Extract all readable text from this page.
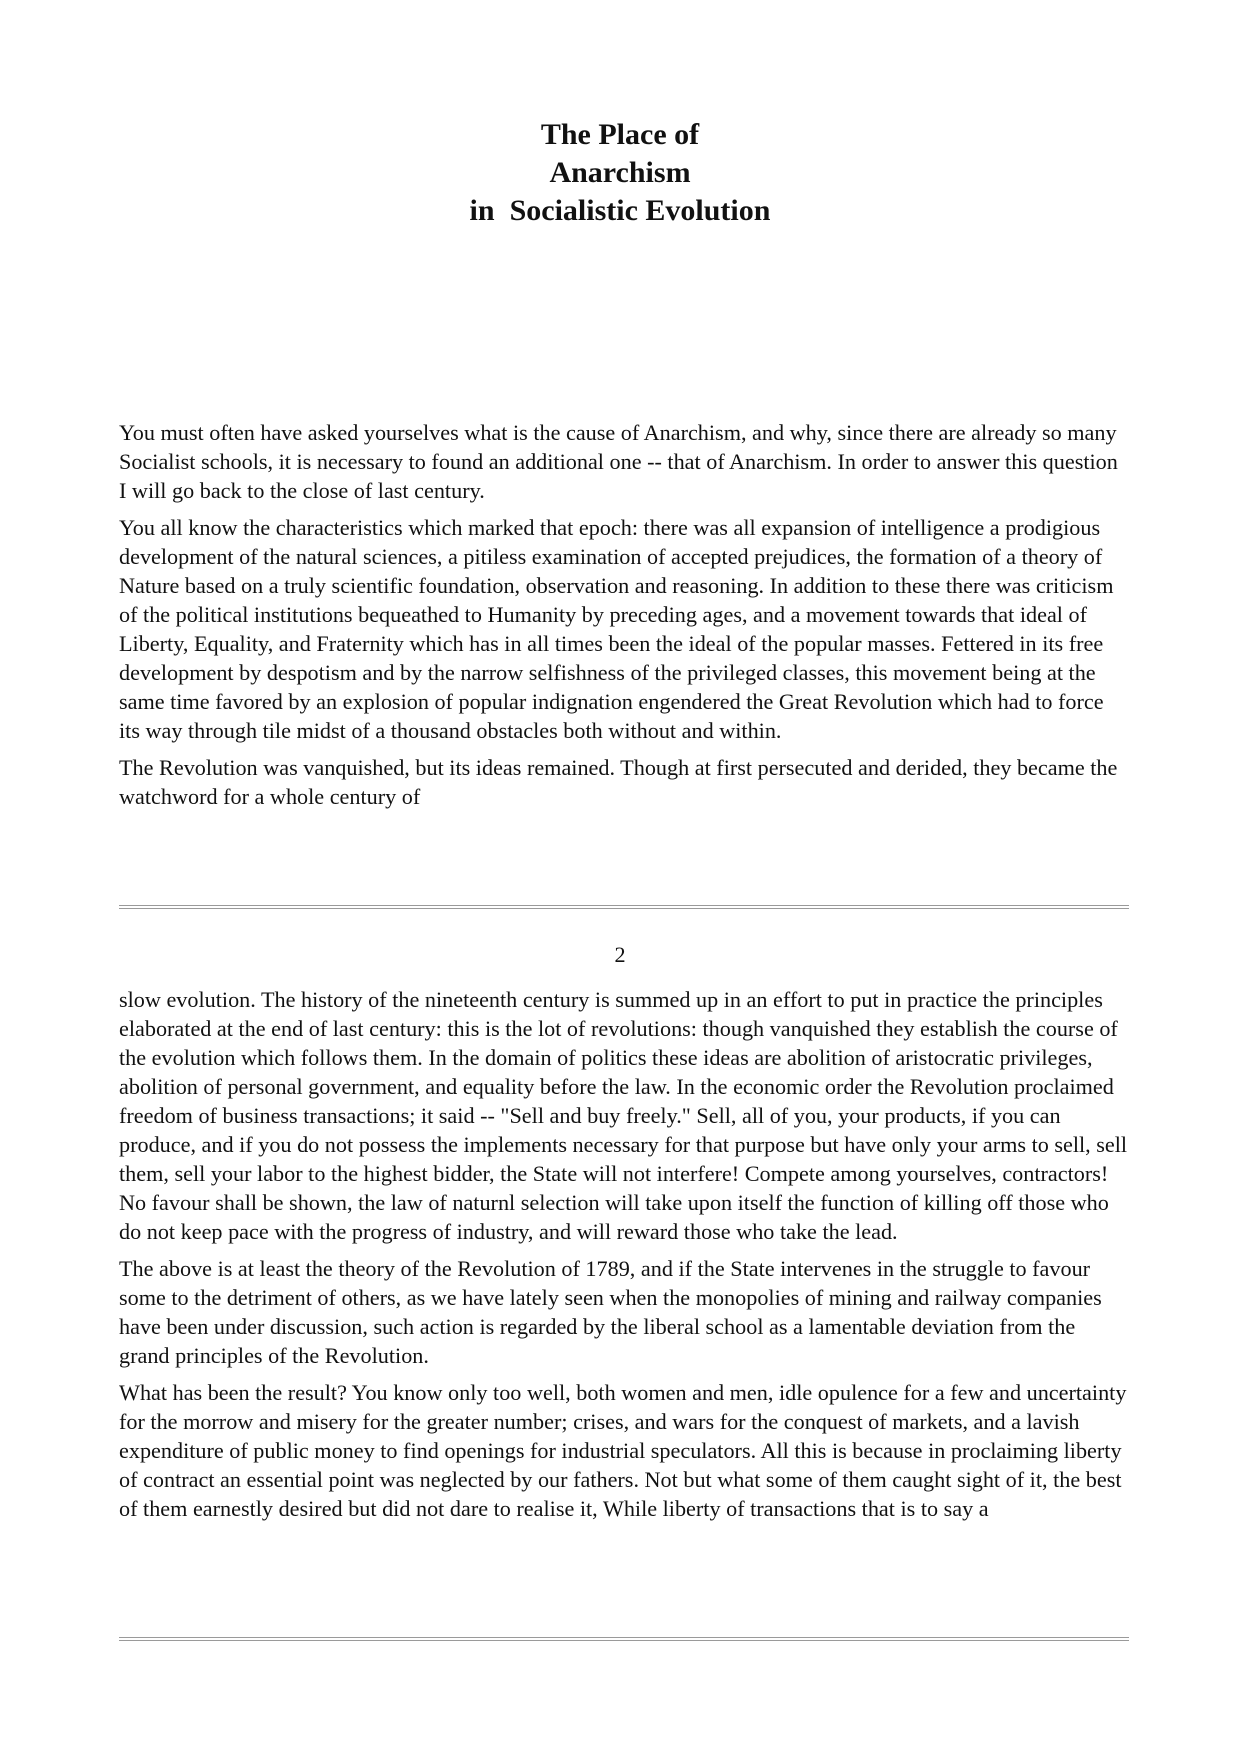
The Place of
Anarchism
in  Socialistic Evolution

You must often have asked yourselves what is the cause of Anarchism, and why, since there are already so many Socialist schools, it is necessary to found an additional one -- that of Anarchism. In order to answer this question I will go back to the close of last century.

You all know the characteristics which marked that epoch: there was all expansion of intelligence a prodigious development of the natural sciences, a pitiless examination of accepted prejudices, the formation of a theory of Nature based on a truly scientific foundation, observation and reasoning. In addition to these there was criticism of the political institutions bequeathed to Humanity by preceding ages, and a movement towards that ideal of Liberty, Equality, and Fraternity which has in all times been the ideal of the popular masses. Fettered in its free development by despotism and by the narrow selfishness of the privileged classes, this movement being at the same time favored by an explosion of popular indignation engendered the Great Revolution which had to force its way through tile midst of a thousand obstacles both without and within.

The Revolution was vanquished, but its ideas remained. Though at first persecuted and derided, they became the watchword for a whole century of

2

slow evolution. The history of the nineteenth century is summed up in an effort to put in practice the principles elaborated at the end of last century: this is the lot of revolutions: though vanquished they establish the course of the evolution which follows them. In the domain of politics these ideas are abolition of aristocratic privileges, abolition of personal government, and equality before the law. In the economic order the Revolution proclaimed freedom of business transactions; it said -- "Sell and buy freely." Sell, all of you, your products, if you can produce, and if you do not possess the implements necessary for that purpose but have only your arms to sell, sell them, sell your labor to the highest bidder, the State will not interfere! Compete among yourselves, contractors! No favour shall be shown, the law of naturnl selection will take upon itself the function of killing off those who do not keep pace with the progress of industry, and will reward those who take the lead.

The above is at least the theory of the Revolution of 1789, and if the State intervenes in the struggle to favour some to the detriment of others, as we have lately seen when the monopolies of mining and railway companies have been under discussion, such action is regarded by the liberal school as a lamentable deviation from the grand principles of the Revolution.

What has been the result? You know only too well, both women and men, idle opulence for a few and uncertainty for the morrow and misery for the greater number; crises, and wars for the conquest of markets, and a lavish expenditure of public money to find openings for industrial speculators. All this is because in proclaiming liberty of contract an essential point was neglected by our fathers. Not but what some of them caught sight of it, the best of them earnestly desired but did not dare to realise it, While liberty of transactions that is to say a
